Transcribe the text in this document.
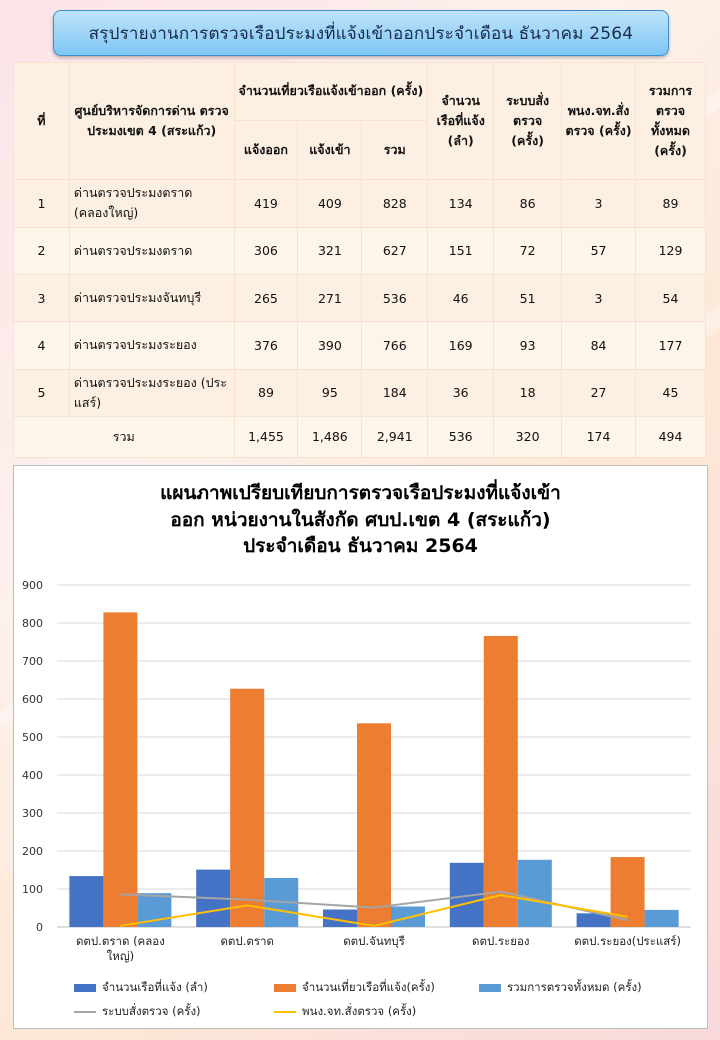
สรุปรายงานการตรวจเรือประมงที่แจ้งเข้าออกประจำเดือน ธันวาคม 2564
ที่	ศูนย์บริหารจัดการด่าน ตรวจประมงเขต 4 (สระแก้ว)	จำนวนเที่ยวเรือแจ้งเข้าออก (ครั้ง)			จำนวน เรือที่แจ้ง (ลำ)	ระบบสั่ง ตรวจ (ครั้ง)	พนง.จท.สั่ง ตรวจ (ครั้ง)	รวมการ ตรวจ ทั้งหมด (ครั้ง)
		แจ้งออก	แจ้งเข้า	รวม				
1	ด่านตรวจประมงตราด (คลองใหญ่)	419	409	828	134	86	3	89
2	ด่านตรวจประมงตราด	306	321	627	151	72	57	129
3	ด่านตรวจประมงจันทบุรี	265	271	536	46	51	3	54
4	ด่านตรวจประมงระยอง	376	390	766	169	93	84	177
5	ด่านตรวจประมงระยอง (ประแสร์)	89	95	184	36	18	27	45
รวม		1,455	1,486	2,941	536	320	174	494
แผนภาพเปรียบเทียบการตรวจเรือประมงที่แจ้งเข้า
ออก หน่วยงานในสังกัด ศบป.เขต 4 (สระแก้ว)
ประจำเดือน ธันวาคม 2564
0
100
200
300
400
500
600
700
800
900
ดตป.ตราด (คลอง
ใหญ่)
ดตป.ตราด	ดตป.จันทบุรี	ดตป.ระยอง	ดตป.ระยอง(ประแสร์)
จำนวนเรือที่แจ้ง (ลำ)	จำนวนเที่ยวเรือที่แจ้ง(ครั้ง)	รวมการตรวจทั้งหมด (ครั้ง)
ระบบสั่งตรวจ (ครั้ง)	พนง.จท.สั่งตรวจ (ครั้ง)
